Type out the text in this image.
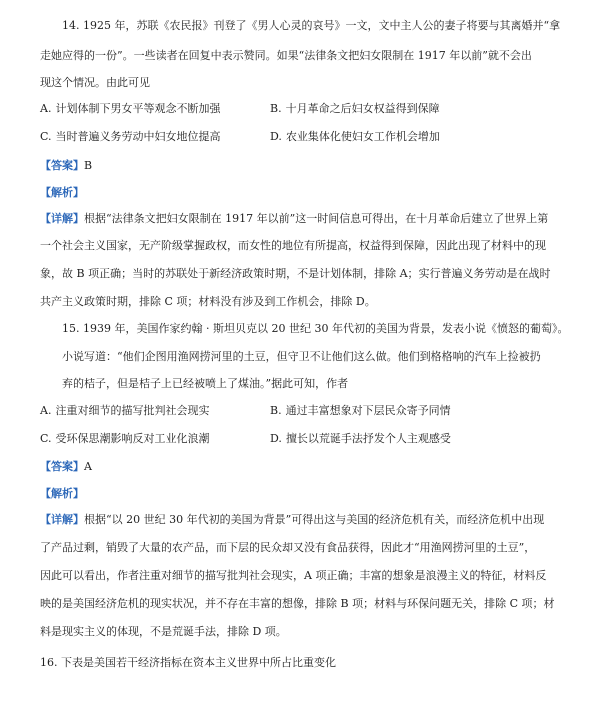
14. 1925 年，苏联《农民报》刊登了《男人心灵的哀号》一文，文中主人公的妻子将要与其离婚并“拿
走她应得的一份”。一些读者在回复中表示赞同。如果“法律条文把妇女限制在 1917 年以前”就不会出
现这个情况。由此可见
A. 计划体制下男女平等观念不断加强	B. 十月革命之后妇女权益得到保障
C. 当时普遍义务劳动中妇女地位提高	D. 农业集体化使妇女工作机会增加
【答案】B
【解析】
【详解】根据“法律条文把妇女限制在 1917 年以前”这一时间信息可得出，在十月革命后建立了世界上第
一个社会主义国家，无产阶级掌握政权，而女性的地位有所提高，权益得到保障，因此出现了材料中的现
象，故 B 项正确；当时的苏联处于新经济政策时期，不是计划体制，排除 A；实行普遍义务劳动是在战时
共产主义政策时期，排除 C 项；材料没有涉及到工作机会，排除 D。
15. 1939 年，美国作家约翰 · 斯坦贝克以 20 世纪 30 年代初的美国为背景，发表小说《愤怒的葡萄》。
小说写道：“他们企图用渔网捞河里的土豆，但守卫不让他们这么做。他们到格格响的汽车上捡被扔
弃的桔子，但是桔子上已经被喷上了煤油。”据此可知，作者
A. 注重对细节的描写批判社会现实	B. 通过丰富想象对下层民众寄予同情
C. 受环保思潮影响反对工业化浪潮	D. 擅长以荒诞手法抒发个人主观感受
【答案】A
【解析】
【详解】根据“以 20 世纪 30 年代初的美国为背景”可得出这与美国的经济危机有关，而经济危机中出现
了产品过剩，销毁了大量的农产品，而下层的民众却又没有食品获得，因此才“用渔网捞河里的土豆”，
因此可以看出，作者注重对细节的描写批判社会现实，A 项正确；丰富的想象是浪漫主义的特征，材料反
映的是美国经济危机的现实状况，并不存在丰富的想像，排除 B 项；材料与环保问题无关，排除 C 项；材
料是现实主义的体现，不是荒诞手法，排除 D 项。
16. 下表是美国若干经济指标在资本主义世界中所占比重变化
